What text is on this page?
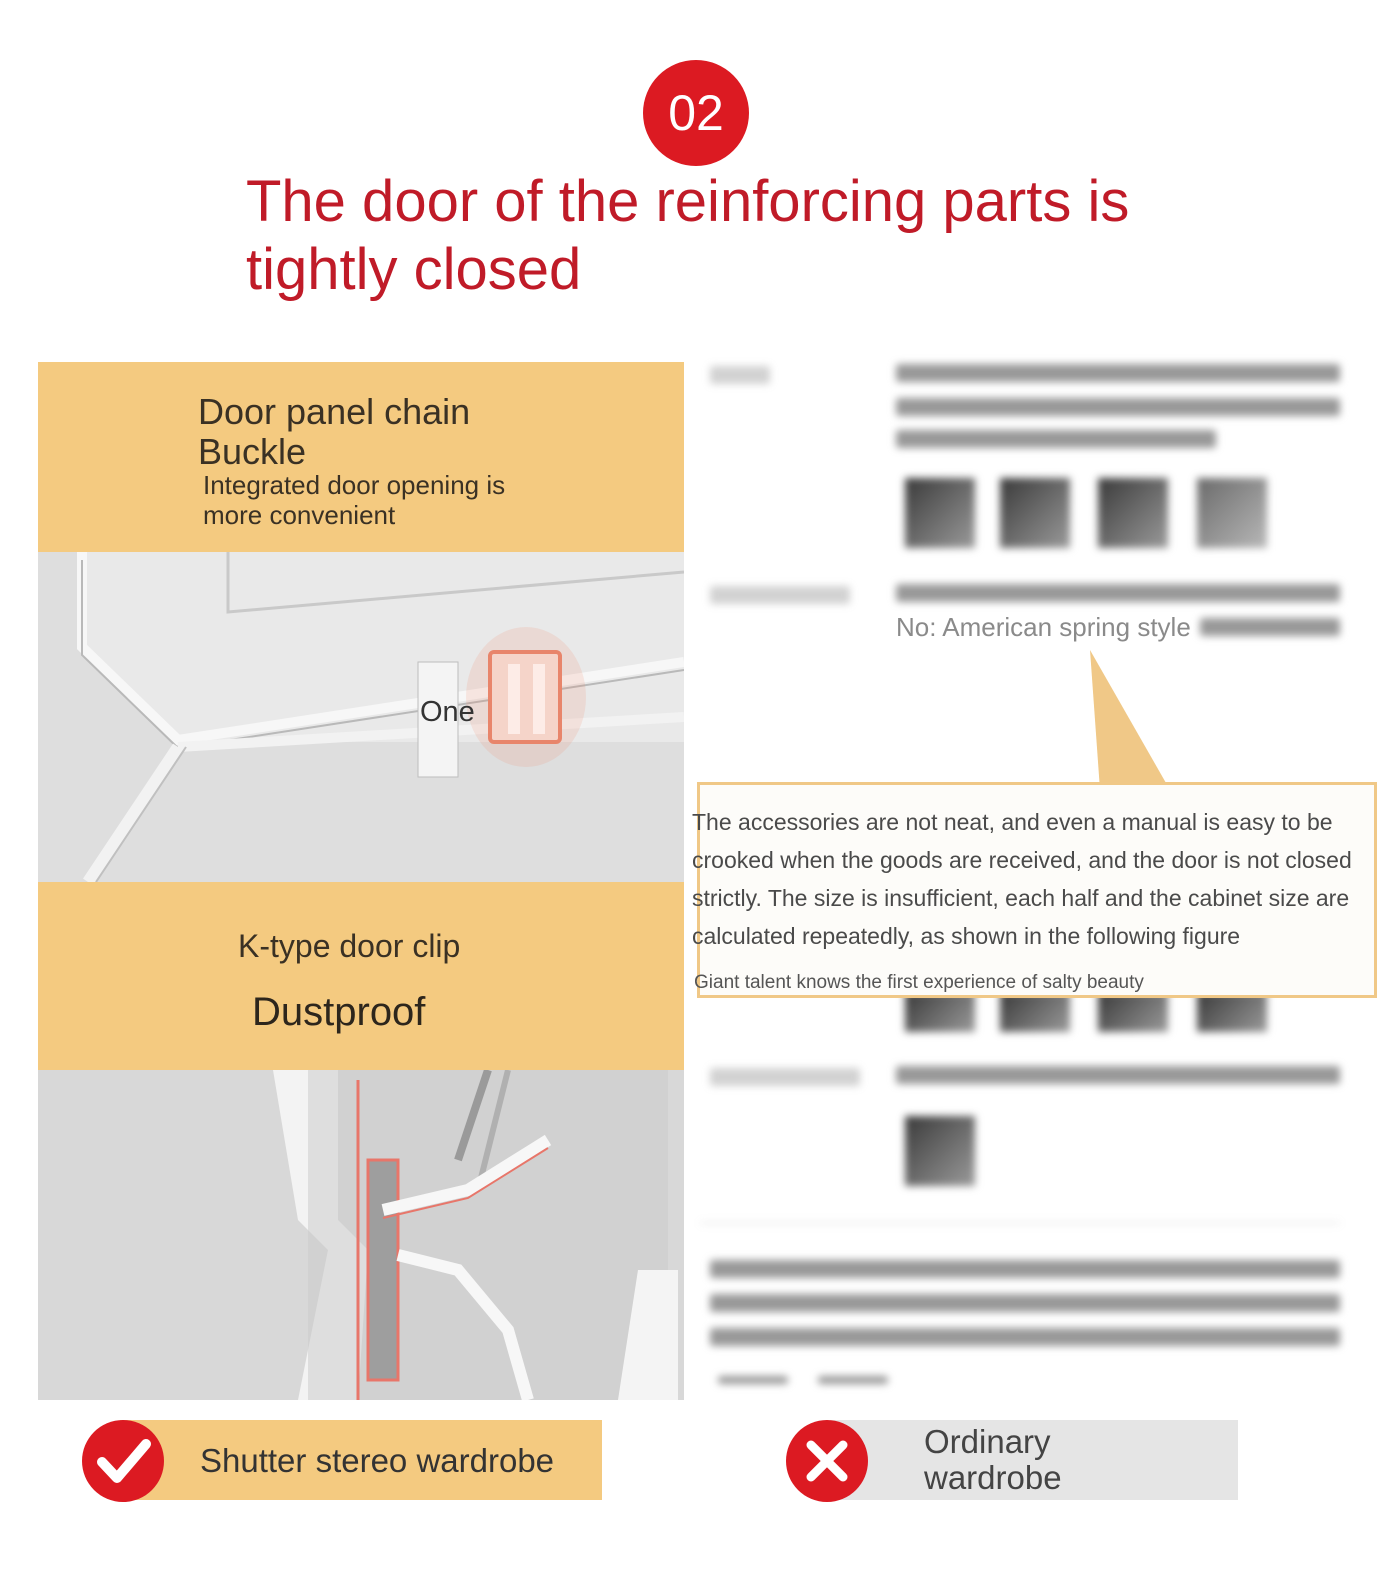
02
The door of the reinforcing parts is tightly closed
Door panel chain Buckle
Integrated door opening is more convenient
One
K-type door clip
Dustproof
No: American spring style
The accessories are not neat, and even a manual is easy to be crooked when the goods are received, and the door is not closed strictly. The size is insufficient, each half and the cabinet size are calculated repeatedly, as shown in the following figure
Giant talent knows the first experience of salty beauty
Shutter stereo wardrobe
Ordinary wardrobe
